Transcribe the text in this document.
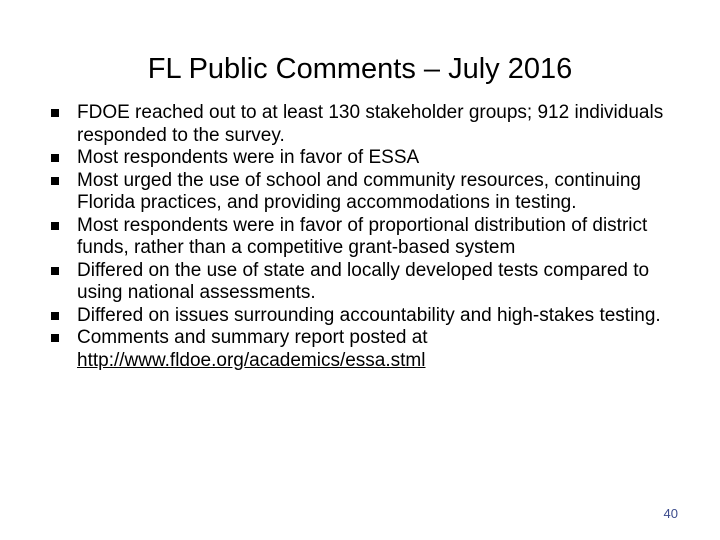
FL Public Comments – July 2016
FDOE reached out to at least 130 stakeholder groups; 912 individuals responded to the survey.
Most respondents were in favor of ESSA
Most urged the use of school and community resources, continuing Florida practices, and providing accommodations in testing.
Most respondents were in favor of proportional distribution of district funds, rather than a competitive grant-based system
Differed on the use of state and locally developed tests compared to using national assessments.
Differed on issues surrounding accountability and high-stakes testing.
Comments and summary report posted at
http://www.fldoe.org/academics/essa.stml
40
